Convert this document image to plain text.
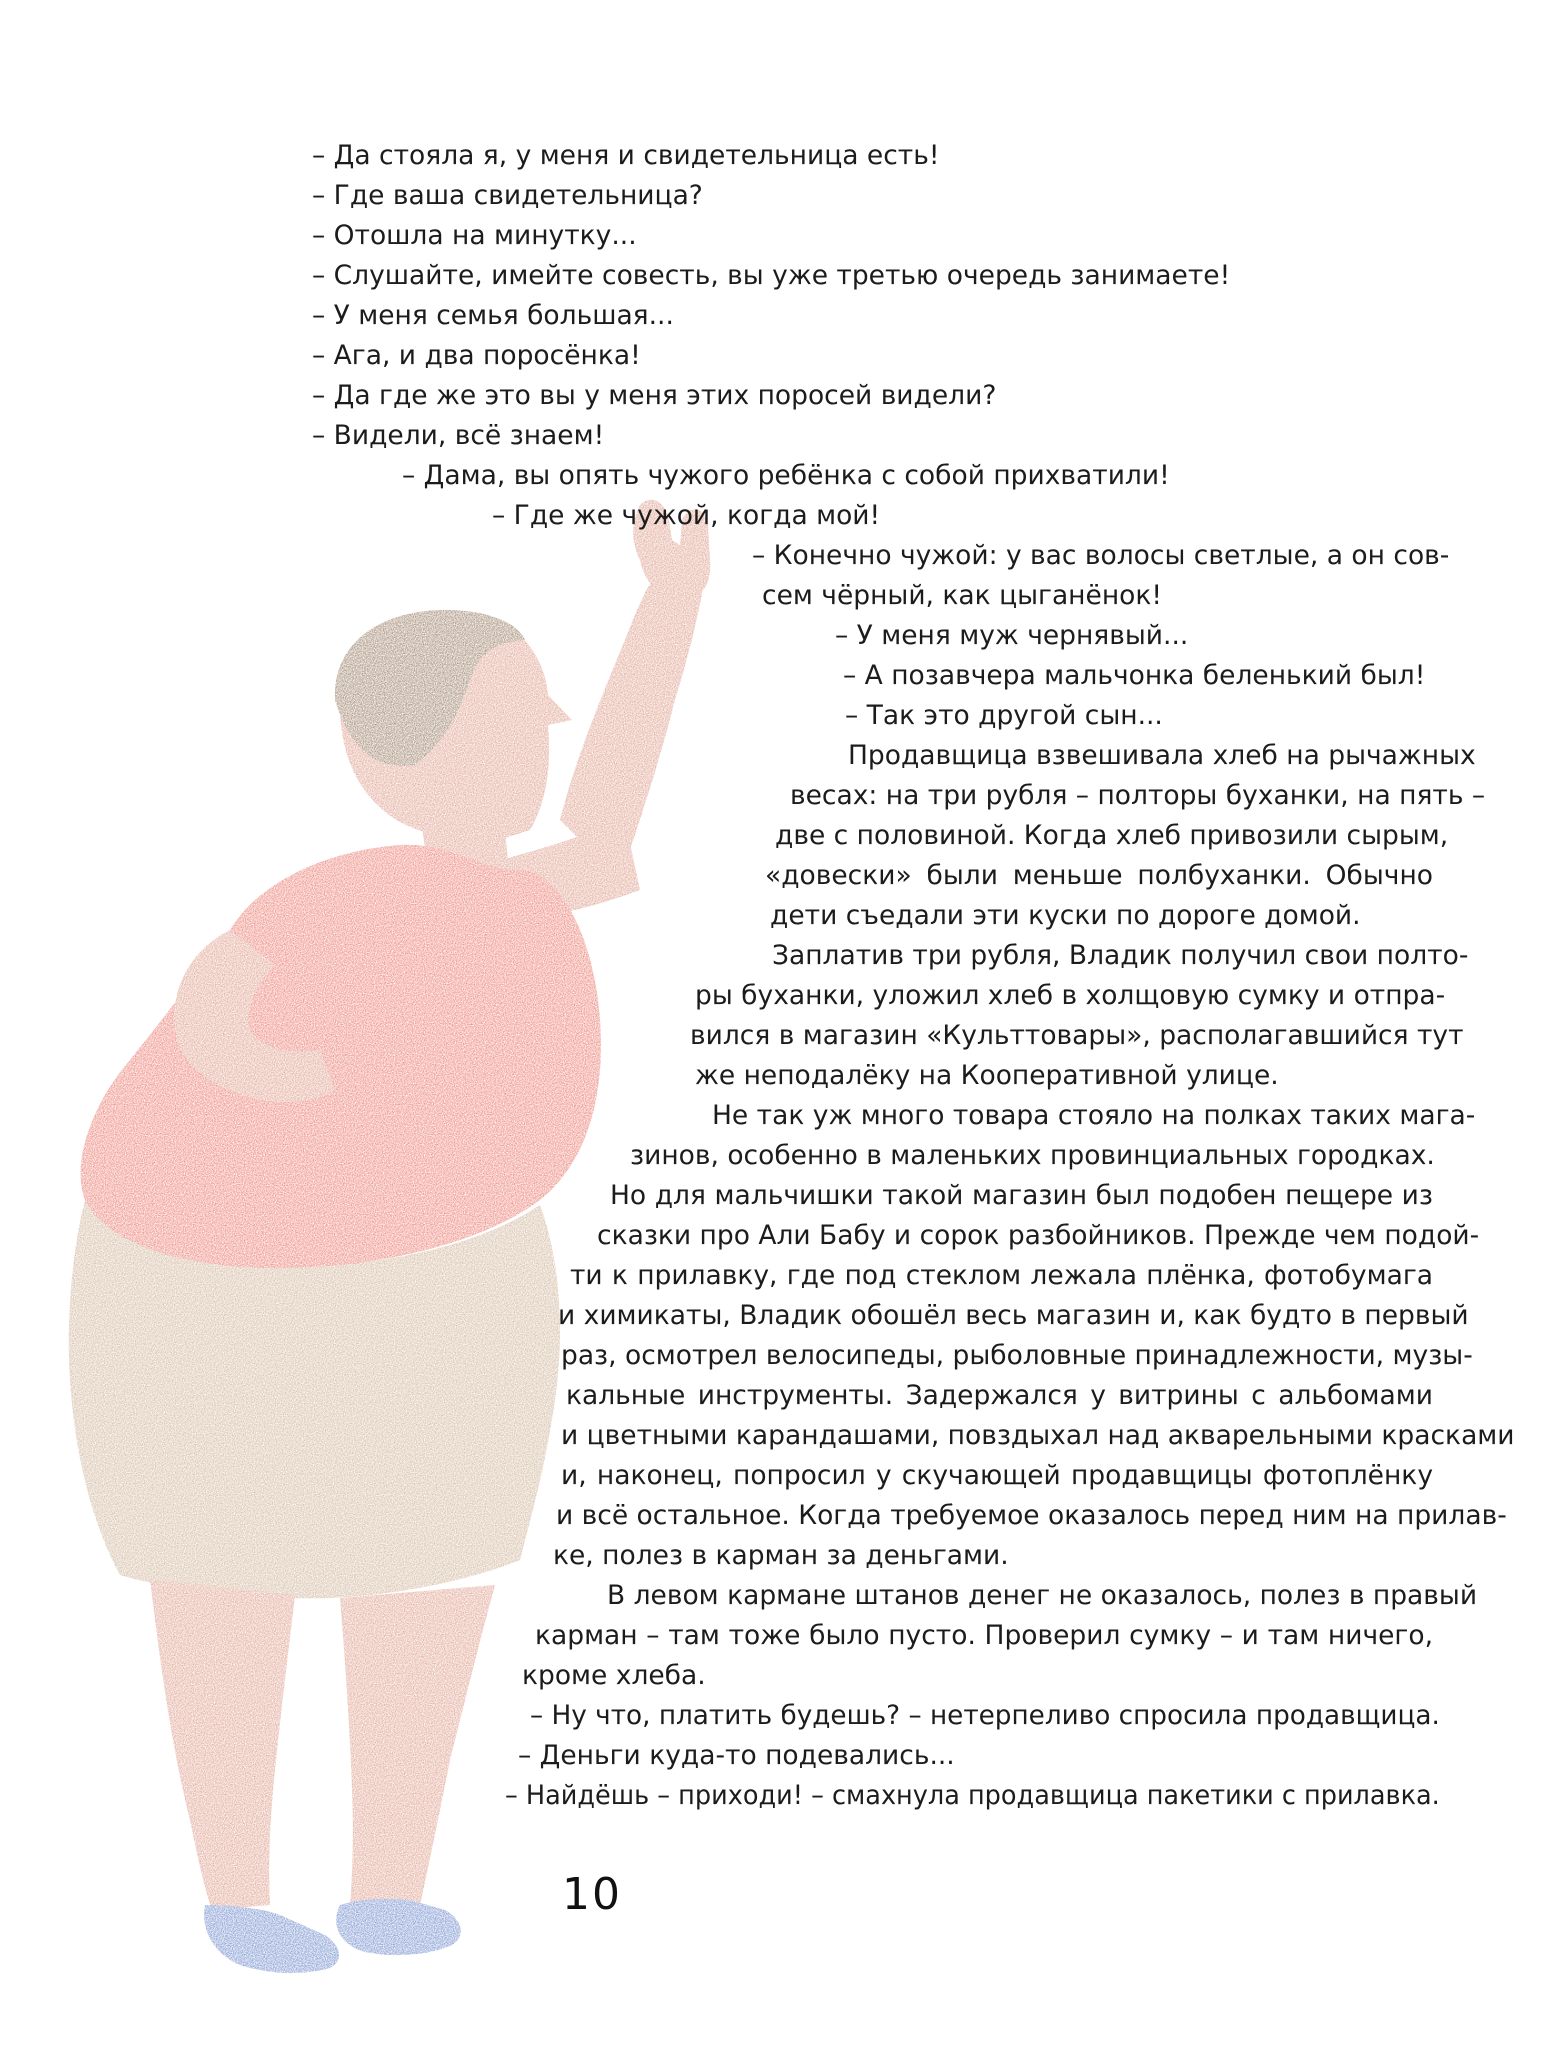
– Да стояла я, у меня и свидетельница есть!
– Где ваша свидетельница?
– Отошла на минутку...
– Слушайте, имейте совесть, вы уже третью очередь занимаете!
– У меня семья большая...
– Ага, и два поросёнка!
– Да где же это вы у меня этих поросей видели?
– Видели, всё знаем!
– Дама, вы опять чужого ребёнка с собой прихватили!
– Где же чужой, когда мой!
– Конечно чужой: у вас волосы светлые, а он сов-
сем чёрный, как цыганёнок!
– У меня муж чернявый...
– А позавчера мальчонка беленький был!
– Так это другой сын...
Продавщица взвешивала хлеб на рычажных
весах: на три рубля – полторы буханки, на пять –
две с половиной. Когда хлеб привозили сырым,
«довески» были меньше полбуханки. Обычно
дети съедали эти куски по дороге домой.
Заплатив три рубля, Владик получил свои полто-
ры буханки, уложил хлеб в холщовую сумку и отпра-
вился в магазин «Культтовары», располагавшийся тут
же неподалёку на Кооперативной улице.
Не так уж много товара стояло на полках таких мага-
зинов, особенно в маленьких провинциальных городках.
Но для мальчишки такой магазин был подобен пещере из
сказки про Али Бабу и сорок разбойников. Прежде чем подой-
ти к прилавку, где под стеклом лежала плёнка, фотобумага
и химикаты, Владик обошёл весь магазин и, как будто в первый
раз, осмотрел велосипеды, рыболовные принадлежности, музы-
кальные инструменты. Задержался у витрины с альбомами
и цветными карандашами, повздыхал над акварельными красками
и, наконец, попросил у скучающей продавщицы фотоплёнку
и всё остальное. Когда требуемое оказалось перед ним на прилав-
ке, полез в карман за деньгами.
В левом кармане штанов денег не оказалось, полез в правый
карман – там тоже было пусто. Проверил сумку – и там ничего,
кроме хлеба.
– Ну что, платить будешь? – нетерпеливо спросила продавщица.
– Деньги куда-то подевались...
– Найдёшь – приходи! – смахнула продавщица пакетики с прилавка.
10
